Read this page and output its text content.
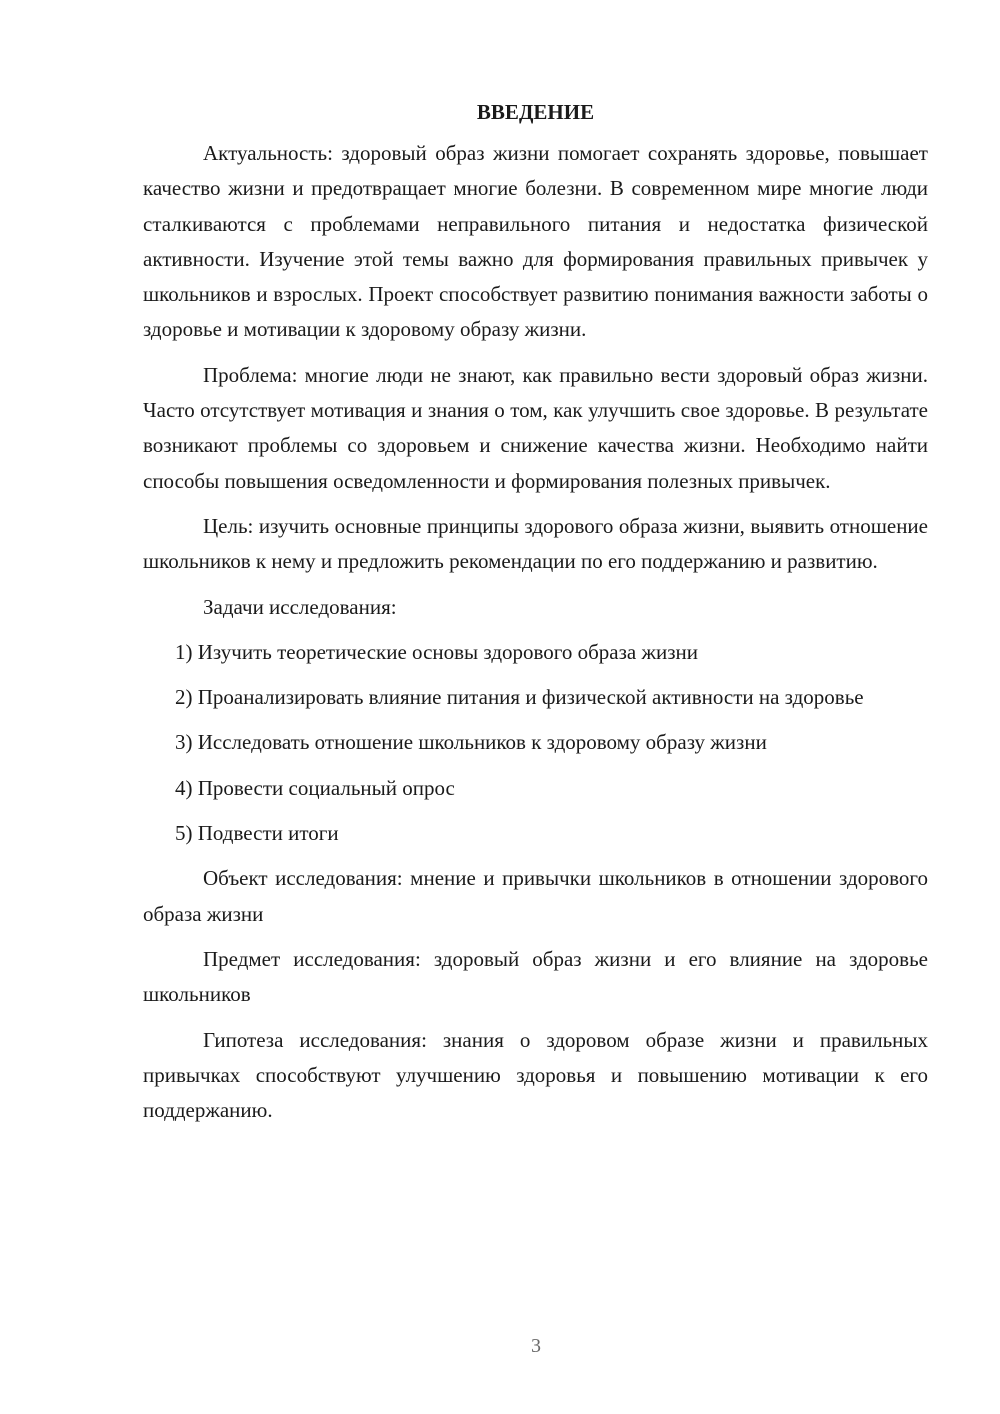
ВВЕДЕНИЕ

Актуальность: здоровый образ жизни помогает сохранять здоровье, повышает качество жизни и предотвращает многие болезни. В современном мире многие люди сталкиваются с проблемами неправильного питания и недостатка физической активности. Изучение этой темы важно для формирования правильных привычек у школьников и взрослых. Проект способствует развитию понимания важности заботы о здоровье и мотивации к здоровому образу жизни.

Проблема: многие люди не знают, как правильно вести здоровый образ жизни. Часто отсутствует мотивация и знания о том, как улучшить свое здоровье. В результате возникают проблемы со здоровьем и снижение качества жизни. Необходимо найти способы повышения осведомленности и формирования полезных привычек.

Цель: изучить основные принципы здорового образа жизни, выявить отношение школьников к нему и предложить рекомендации по его поддержанию и развитию.

Задачи исследования:

1) Изучить теоретические основы здорового образа жизни

2) Проанализировать влияние питания и физической активности на здоровье

3) Исследовать отношение школьников к здоровому образу жизни

4) Провести социальный опрос

5) Подвести итоги

Объект исследования: мнение и привычки школьников в отношении здорового образа жизни

Предмет исследования: здоровый образ жизни и его влияние на здоровье школьников

Гипотеза исследования: знания о здоровом образе жизни и правильных привычках способствуют улучшению здоровья и повышению мотивации к его поддержанию.

3
